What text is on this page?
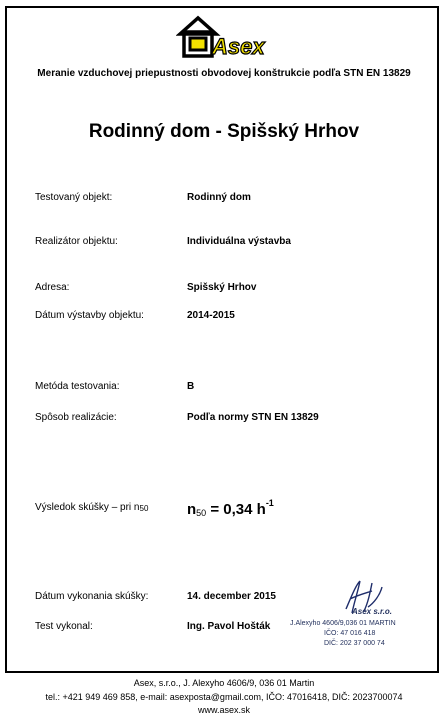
Asex
Meranie vzduchovej priepustnosti obvodovej konštrukcie podľa STN EN 13829
Rodinný dom - Spišský Hrhov
Testovaný objekt:	Rodinný dom
Realizátor objektu:	Individuálna výstavba
Adresa:	Spišský Hrhov
Dátum výstavby objektu:	2014-2015
Metóda testovania:	B
Spôsob realizácie:	Podľa normy STN EN 13829
Výsledok skúšky – pri n50	$n_{50} = 0,34$ $h^{-1}$
Dátum vykonania skúšky:	14. december 2015
Test vykonal:	Ing. Pavol Hošták
Asex s.r.o.
J.Alexyho 4606/9,036 01 MARTIN
IČO: 47 016 418
DIČ: 202 37 000 74
Asex, s.r.o., J. Alexyho 4606/9, 036 01 Martin
tel.: +421 949 469 858, e-mail: asexposta@gmail.com, IČO: 47016418, DIČ: 2023700074
www.asex.sk
